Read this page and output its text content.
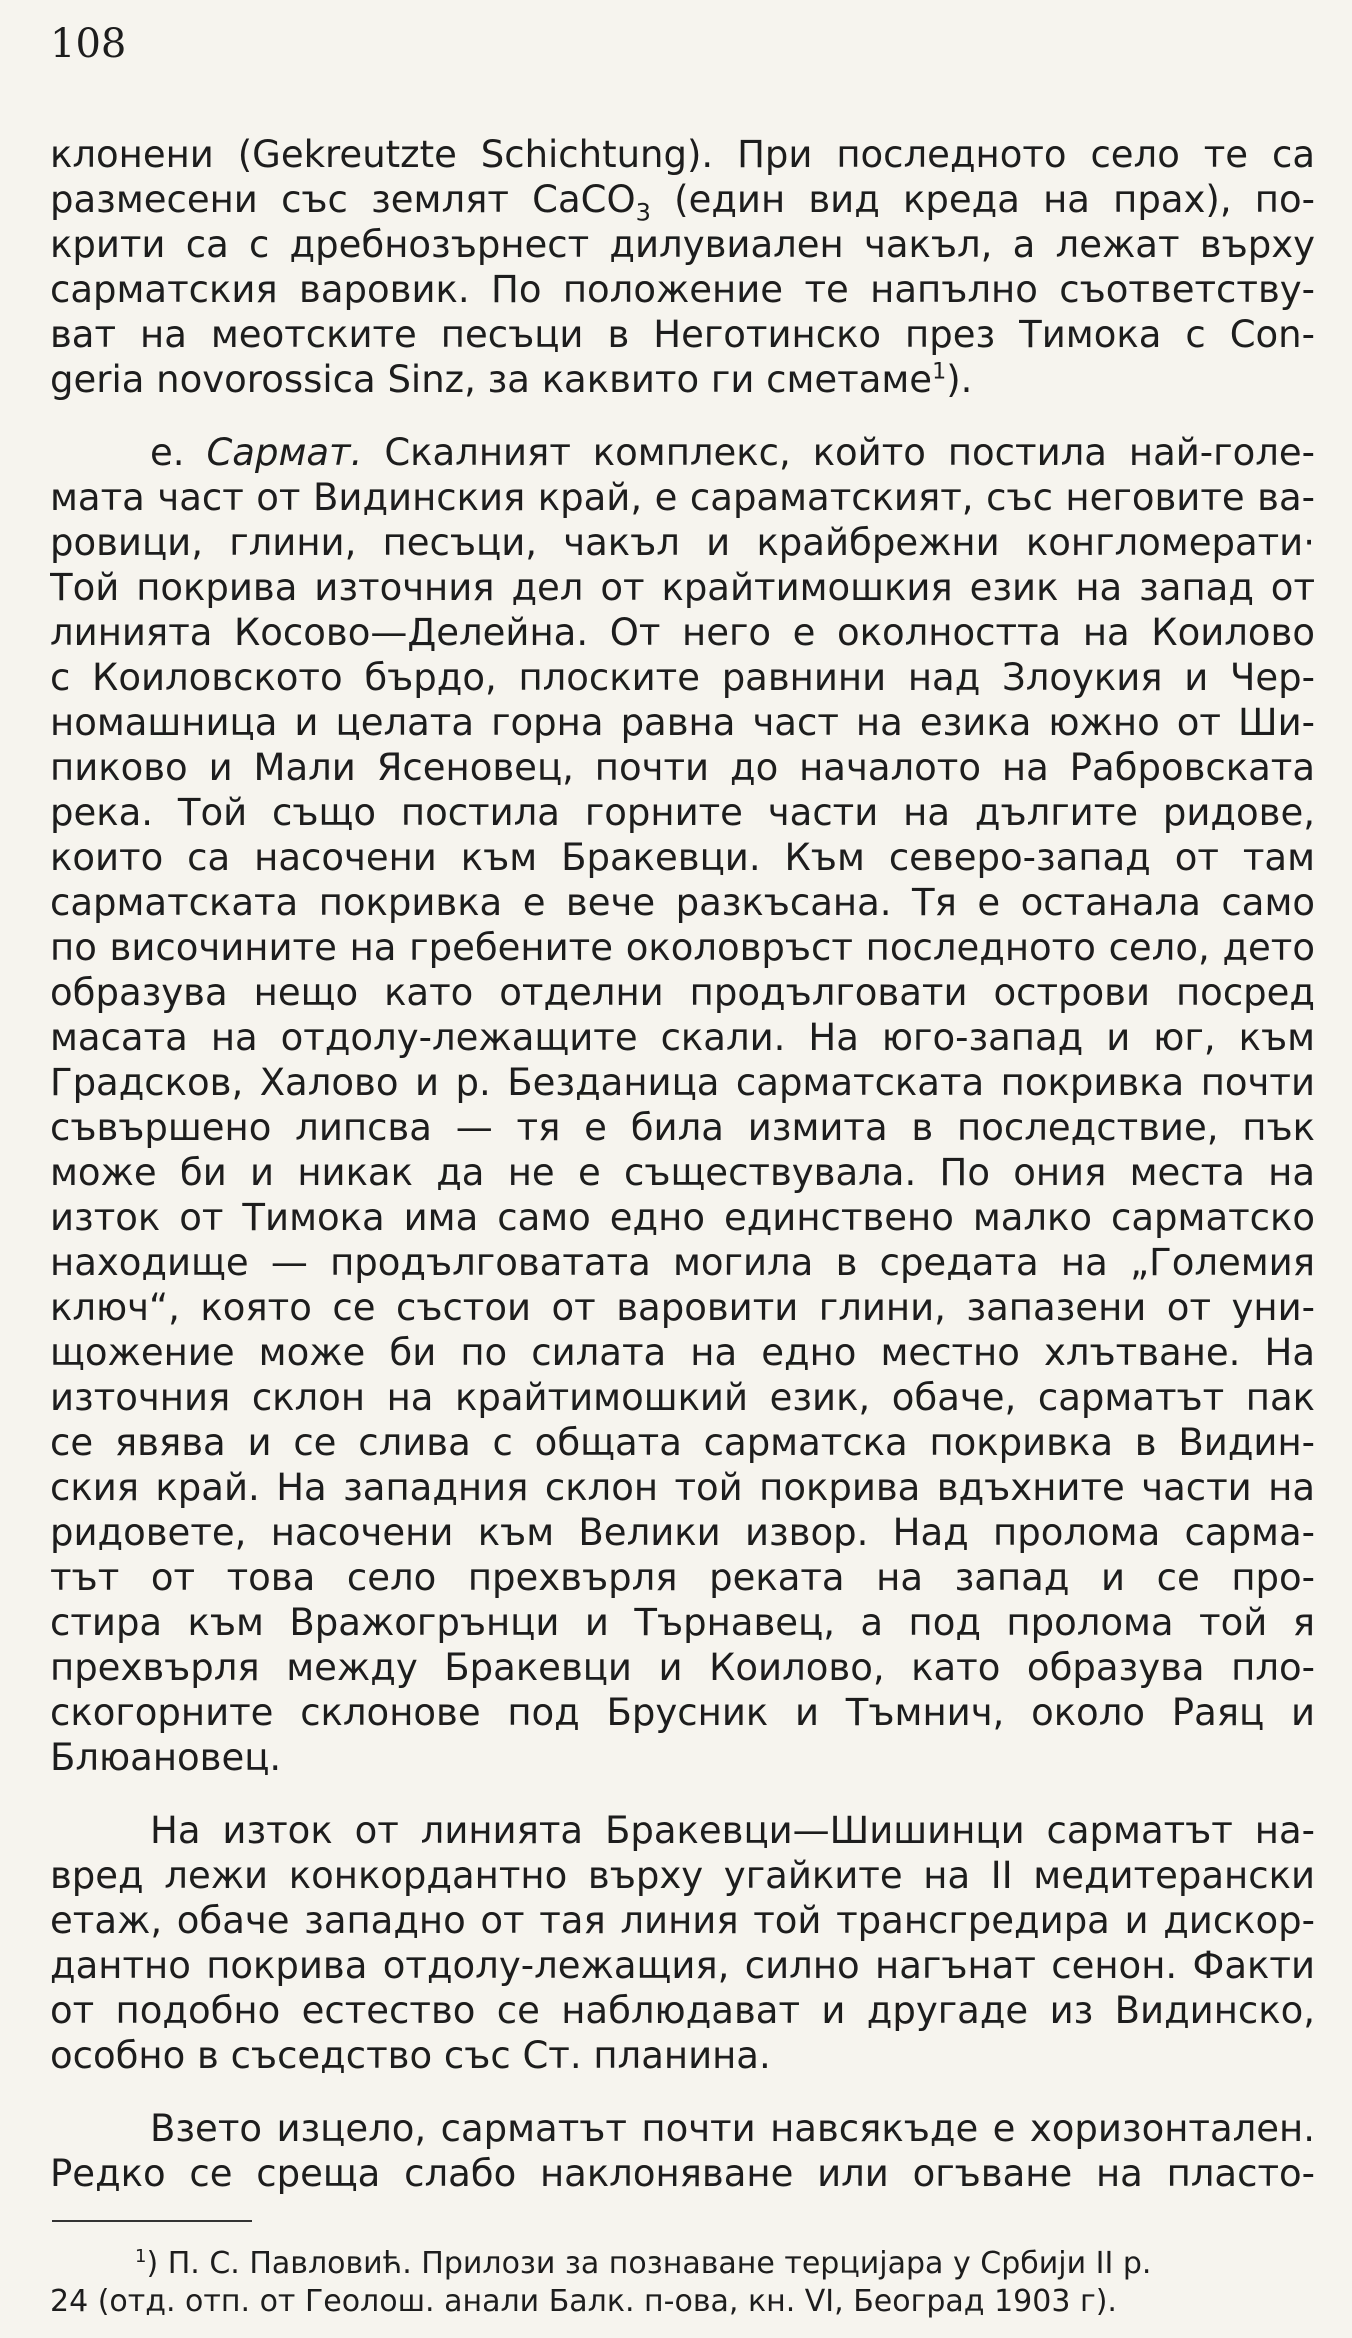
108

клонени (Gekreutzte Schichtung). При последното село те са
размесени със землят CaCO$_3$ (един вид креда на прах), по-
крити са с дребнозърнест дилувиален чакъл, а лежат върху
сарматския варовик. По положение те напълно съответству-
ват на меотските песъци в Неготинско през Тимока с Con-
geria novorossica Sinz, за каквито ги сметаме$^1$).

е. Сармат. Скалният комплекс, който постила най-голе-
мата част от Видинския край, е сараматският, със неговите ва-
ровици, глини, песъци, чакъл и крайбрежни конгломерати·
Той покрива източния дел от крайтимошкия език на запад от
линията Косово—Делейна. От него е околността на Коилово
с Коиловското бърдо, плоските равнини над Злоукия и Чер-
номашница и целата горна равна част на езика южно от Ши-
пиково и Мали Ясеновец, почти до началото на Рабровската
река. Той също постила горните части на дългите ридове,
които са насочени към Бракевци. Към северо-запад от там
сарматската покривка е вече разкъсана. Тя е останала само
по височините на гребените околовръст последното село, дето
образува нещо като отделни продълговати острови посред
масата на отдолу-лежащите скали. На юго-запад и юг, към
Градсков, Халово и р. Безданица сарматската покривка почти
съвършено липсва — тя е била измита в последствие, пък
може би и никак да не е съществувала. По ония места на
изток от Тимока има само едно единствено малко сарматско
находище — продълговатата могила в средата на „Големия
ключ“, която се състои от варовити глини, запазени от уни-
щожение може би по силата на едно местно хлътване. На
източния склон на крайтимошкий език, обаче, сарматът пак
се явява и се слива с общата сарматска покривка в Видин-
ския край. На западния склон той покрива вдъхните части на
ридовете, насочени към Велики извор. Над пролома сарма-
тът от това село прехвърля реката на запад и се про-
стира към Вражогрънци и Търнавец, а под пролома той я
прехвърля между Бракевци и Коилово, като образува пло-
скогорните склонове под Брусник и Тъмнич, около Раяц и
Блюановец.

На изток от линията Бракевци—Шишинци сарматът на-
вред лежи конкордантно върху угайките на II медитерански
етаж, обаче западно от тая линия той трансгредира и дискор-
дантно покрива отдолу-лежащия, силно нагънат сенон. Факти
от подобно естество се наблюдават и другаде из Видинско,
особно в съседство със Ст. планина.

Взето изцело, сарматът почти навсякъде е хоризонтален.
Редко се среща слабо наклоняване или огъване на пласто-

$^1$) П. С. Павловић. Прилози за познаване терцијара у Србији II р.
24 (отд. отп. от Геолош. анали Балк. п-ова, кн. VI, Београд 1903 г).
